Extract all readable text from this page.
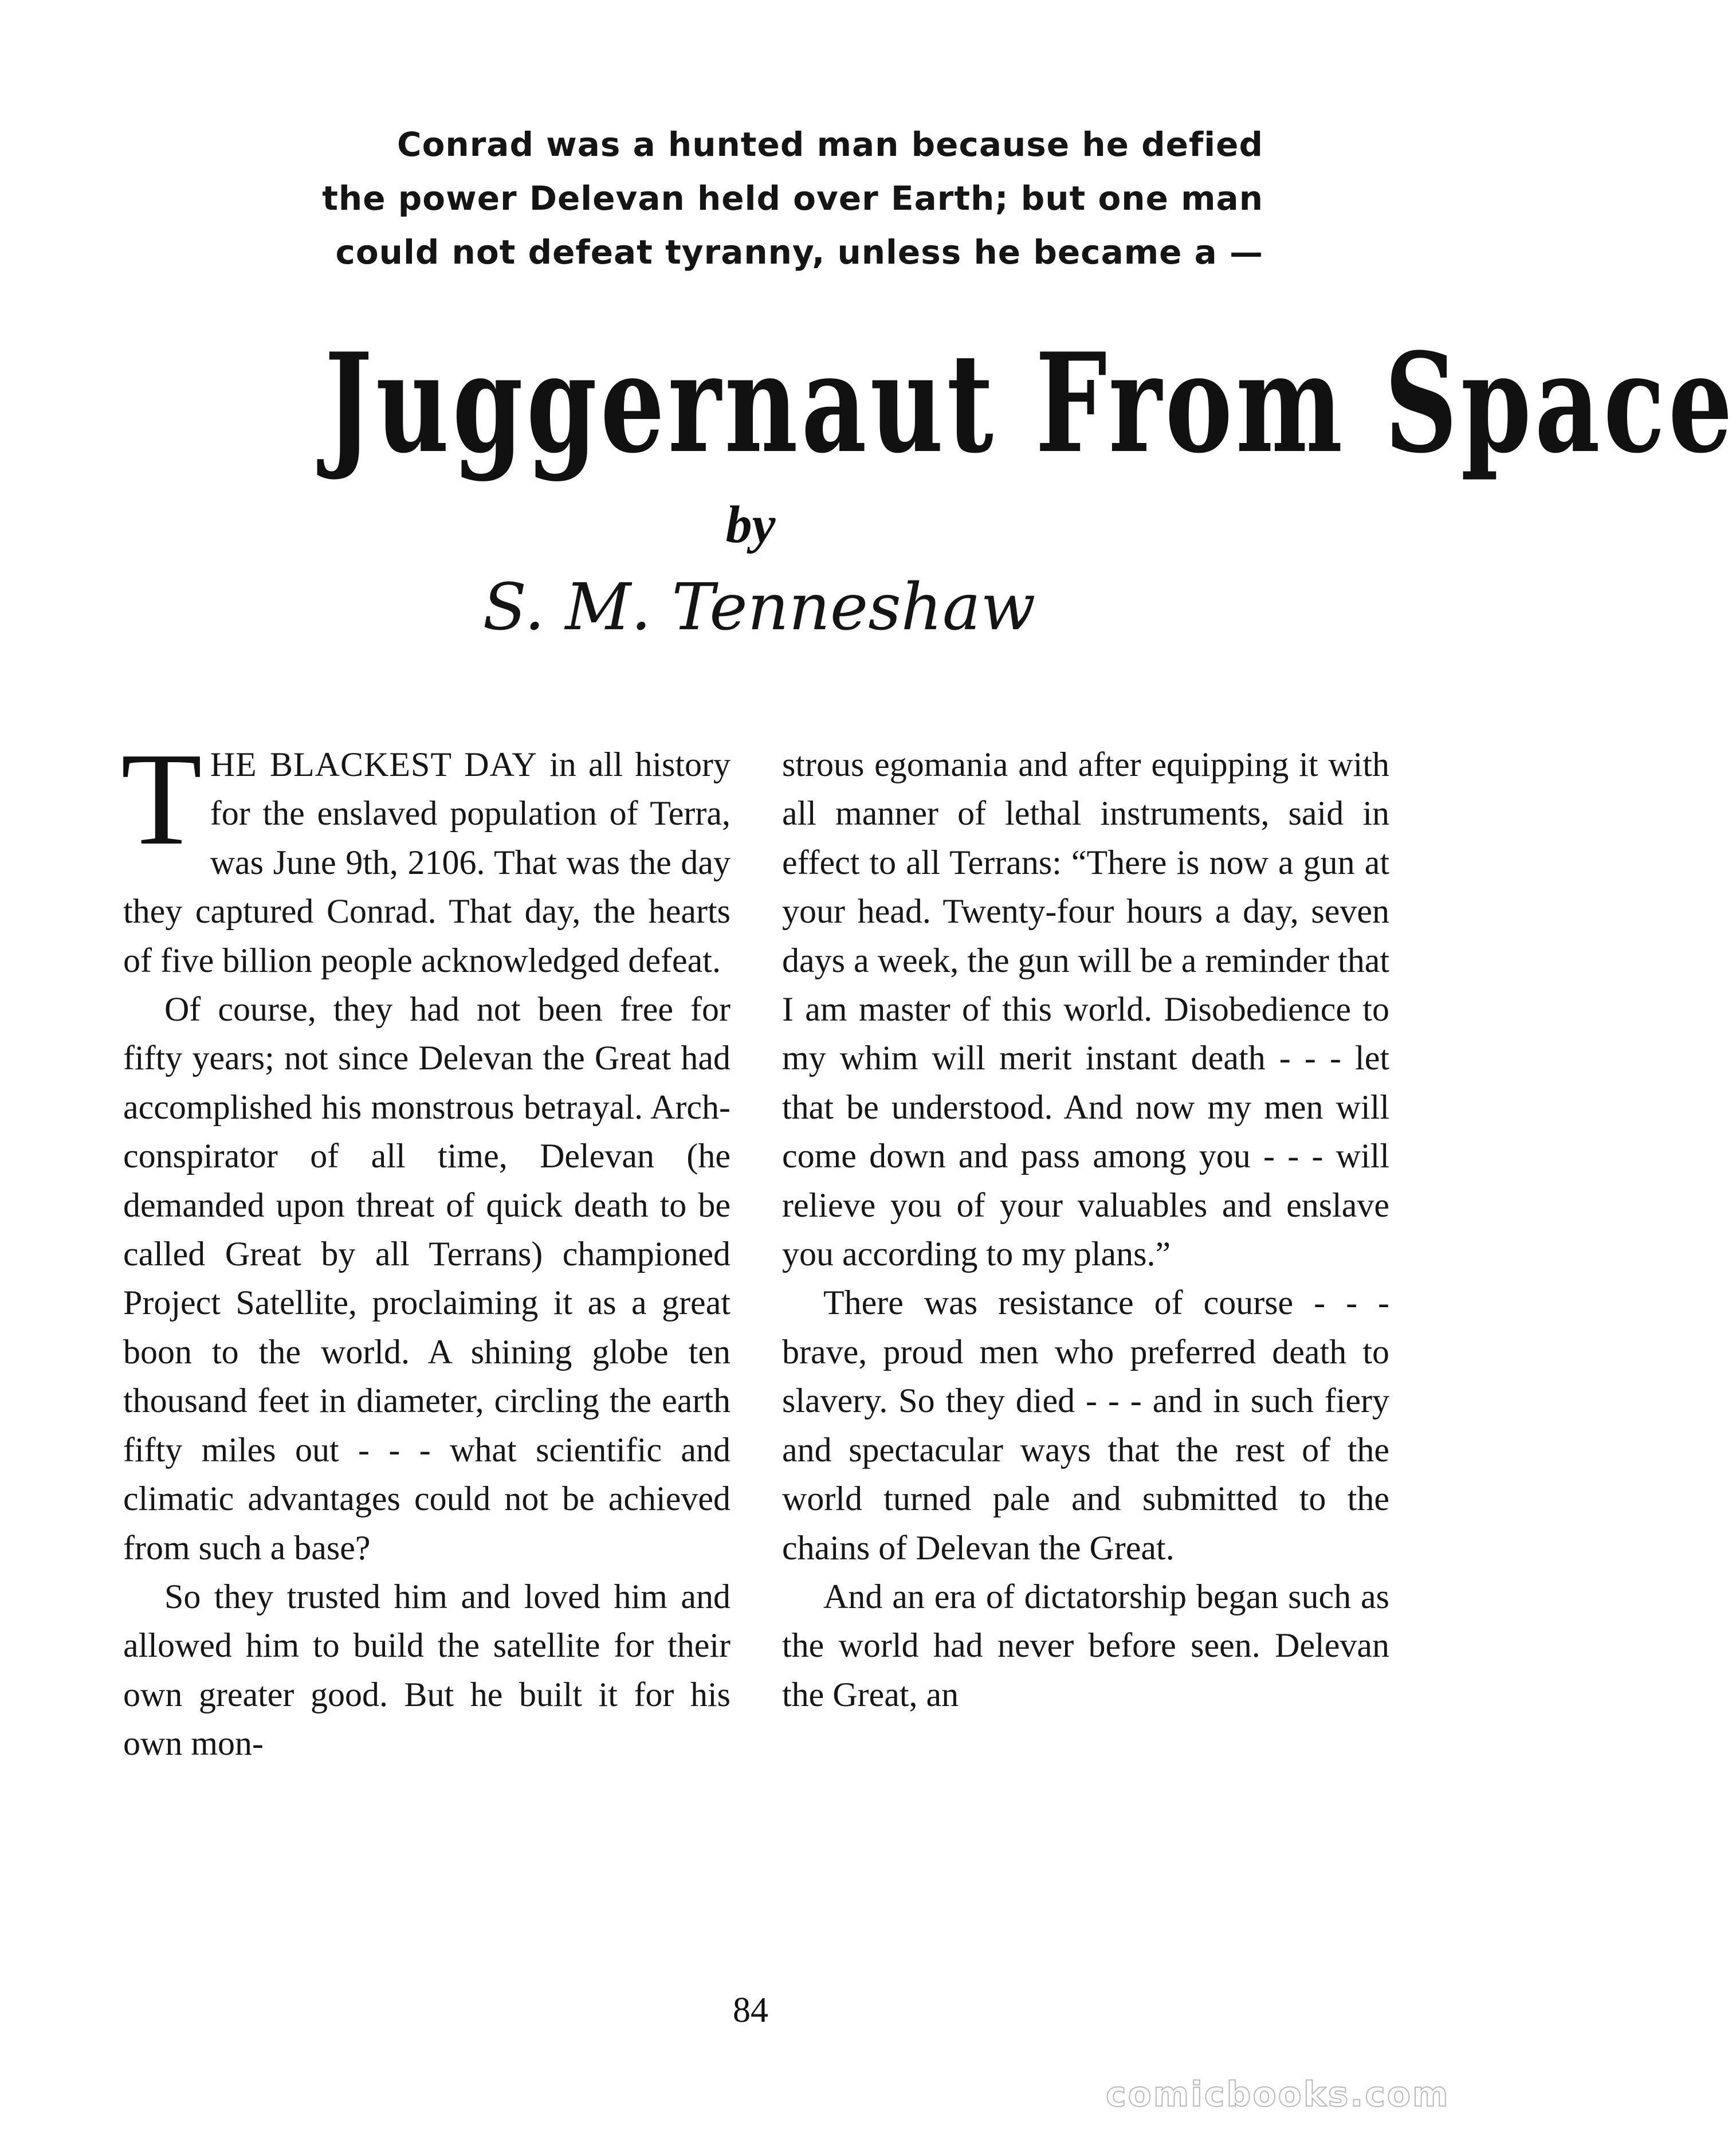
Conrad was a hunted man because he defied
the power Delevan held over Earth; but one man
could not defeat tyranny, unless he became a —
Juggernaut From Space
by
S. M. Tenneshaw

THE BLACKEST DAY in all history for the enslaved population of Terra, was June 9th, 2106. That was the day they captured Conrad. That day, the hearts of five billion people acknowledged defeat.

Of course, they had not been free for fifty years; not since Delevan the Great had accomplished his monstrous betrayal. Arch-conspirator of all time, Delevan (he demanded upon threat of quick death to be called Great by all Terrans) championed Project Satellite, proclaiming it as a great boon to the world. A shining globe ten thousand feet in diameter, circling the earth fifty miles out - - - what scientific and climatic advantages could not be achieved from such a base?

So they trusted him and loved him and allowed him to build the satellite for their own greater good. But he built it for his own mon-

strous egomania and after equipping it with all manner of lethal instruments, said in effect to all Terrans: “There is now a gun at your head. Twenty-four hours a day, seven days a week, the gun will be a reminder that I am master of this world. Disobedience to my whim will merit instant death - - - let that be understood. And now my men will come down and pass among you - - - will relieve you of your valuables and enslave you according to my plans.”

There was resistance of course - - - brave, proud men who preferred death to slavery. So they died - - - and in such fiery and spectacular ways that the rest of the world turned pale and submitted to the chains of Delevan the Great.

And an era of dictatorship began such as the world had never before seen. Delevan the Great, an

84
comicbooks.com
